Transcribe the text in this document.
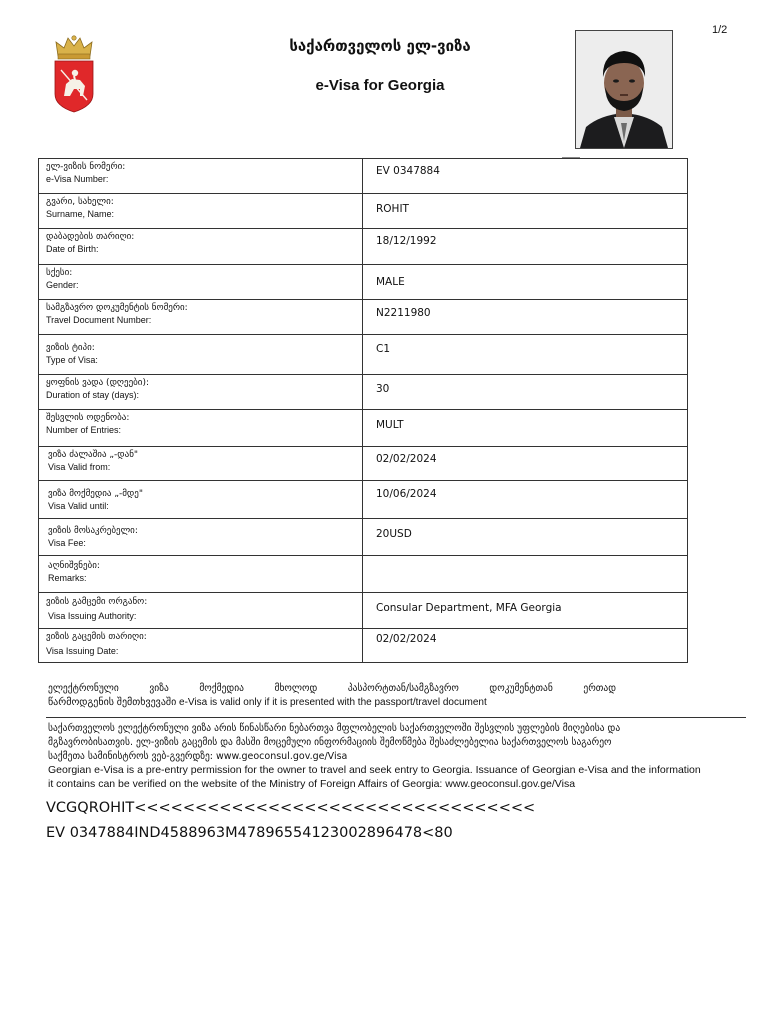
1/2
საქართველოს ელ-ვიზა
e-Visa for Georgia
ელ-ვიზის ნომერი:
e-Visa Number:	EV 0347884

გვარი, სახელი:
Surname, Name:	ROHIT

დაბადების თარიღი:
Date of Birth:	18/12/1992

სქესი:
Gender:	MALE

სამგზავრო დოკუმენტის ნომერი:
Travel Document Number:	N2211980

ვიზის ტიპი:
Type of Visa:	C1

ყოფნის ვადა (დღეები):
Duration of stay (days):	30

შესვლის ოდენობა:
Number of Entries:	MULT

ვიზა ძალაშია „-დან"
Visa Valid from:	02/02/2024

ვიზა მოქმედია „-მდე"
Visa Valid until:	10/06/2024

ვიზის მოსაკრებელი:
Visa Fee:	20USD

აღნიშვნები:
Remarks:	

ვიზის გამცემი ორგანო:
Visa Issuing Authority:	Consular Department, MFA Georgia

ვიზის გაცემის თარიღი:
Visa Issuing Date:	02/02/2024
ელექტრონული ვიზა მოქმედია მხოლოდ პასპორტთან/სამგზავრო დოკუმენტთან ერთად
წარმოდგენის შემთხვევაში e-Visa is valid only if it is presented with the passport/travel document
საქართველოს ელექტრონული ვიზა არის წინასწარი ნებართვა მფლობელის საქართველოში შესვლის უფლების მიღებისა და
მგზავრობისათვის. ელ-ვიზის გაცემის და მასში მოცემული ინფორმაციის შემოწმება შესაძლებელია საქართველოს საგარეო
საქმეთა სამინისტროს ვებ-გვერდზე: www.geoconsul.gov.ge/Visa
Georgian e-Visa is a pre-entry permission for the owner to travel and seek entry to Georgia. Issuance of Georgian e-Visa and the information
it contains can be verified on the website of the Ministry of Foreign Affairs of Georgia: www.geoconsul.gov.ge/Visa
VCGQROHIT<<<<<<<<<<<<<<<<<<<<<<<<<<<<<<<<<
EV 0347884IND4588963M47896554123002896478<80
